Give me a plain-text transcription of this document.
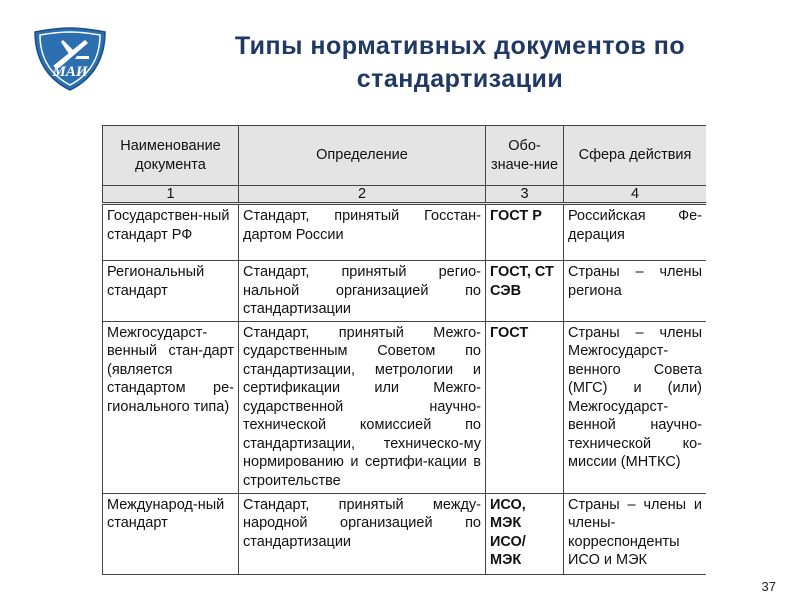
МАИ
Типы нормативных документов по стандартизации
Наименование документа	Определение	Обо-значе-ние	Сфера действия
1	2	3	4
Государствен-ный стандарт РФ	Стандарт, принятый Госстан-дартом России	ГОСТ Р	Российская Фе-дерация
Региональный стандарт	Стандарт, принятый регио-нальной организацией по стандартизации	ГОСТ, СТ СЭВ	Страны – члены региона
Межгосударст-венный стан-дарт (является стандартом ре-гионального типа)	Стандарт, принятый Межго-сударственным Советом по стандартизации, метрологии и сертификации или Межго-сударственной научно-технической комиссией по стандартизации, техническо-му нормированию и сертифи-кации в строительстве	ГОСТ	Страны – члены Межгосударст-венного Совета (МГС) и (или) Межгосударст-венной научно-технической ко-миссии (МНТКС)
Международ-ный стандарт	Стандарт, принятый между-народной организацией по стандартизации	ИСО, МЭК ИСО/ МЭК	Страны – члены и члены-корреспонденты ИСО и МЭК
37
